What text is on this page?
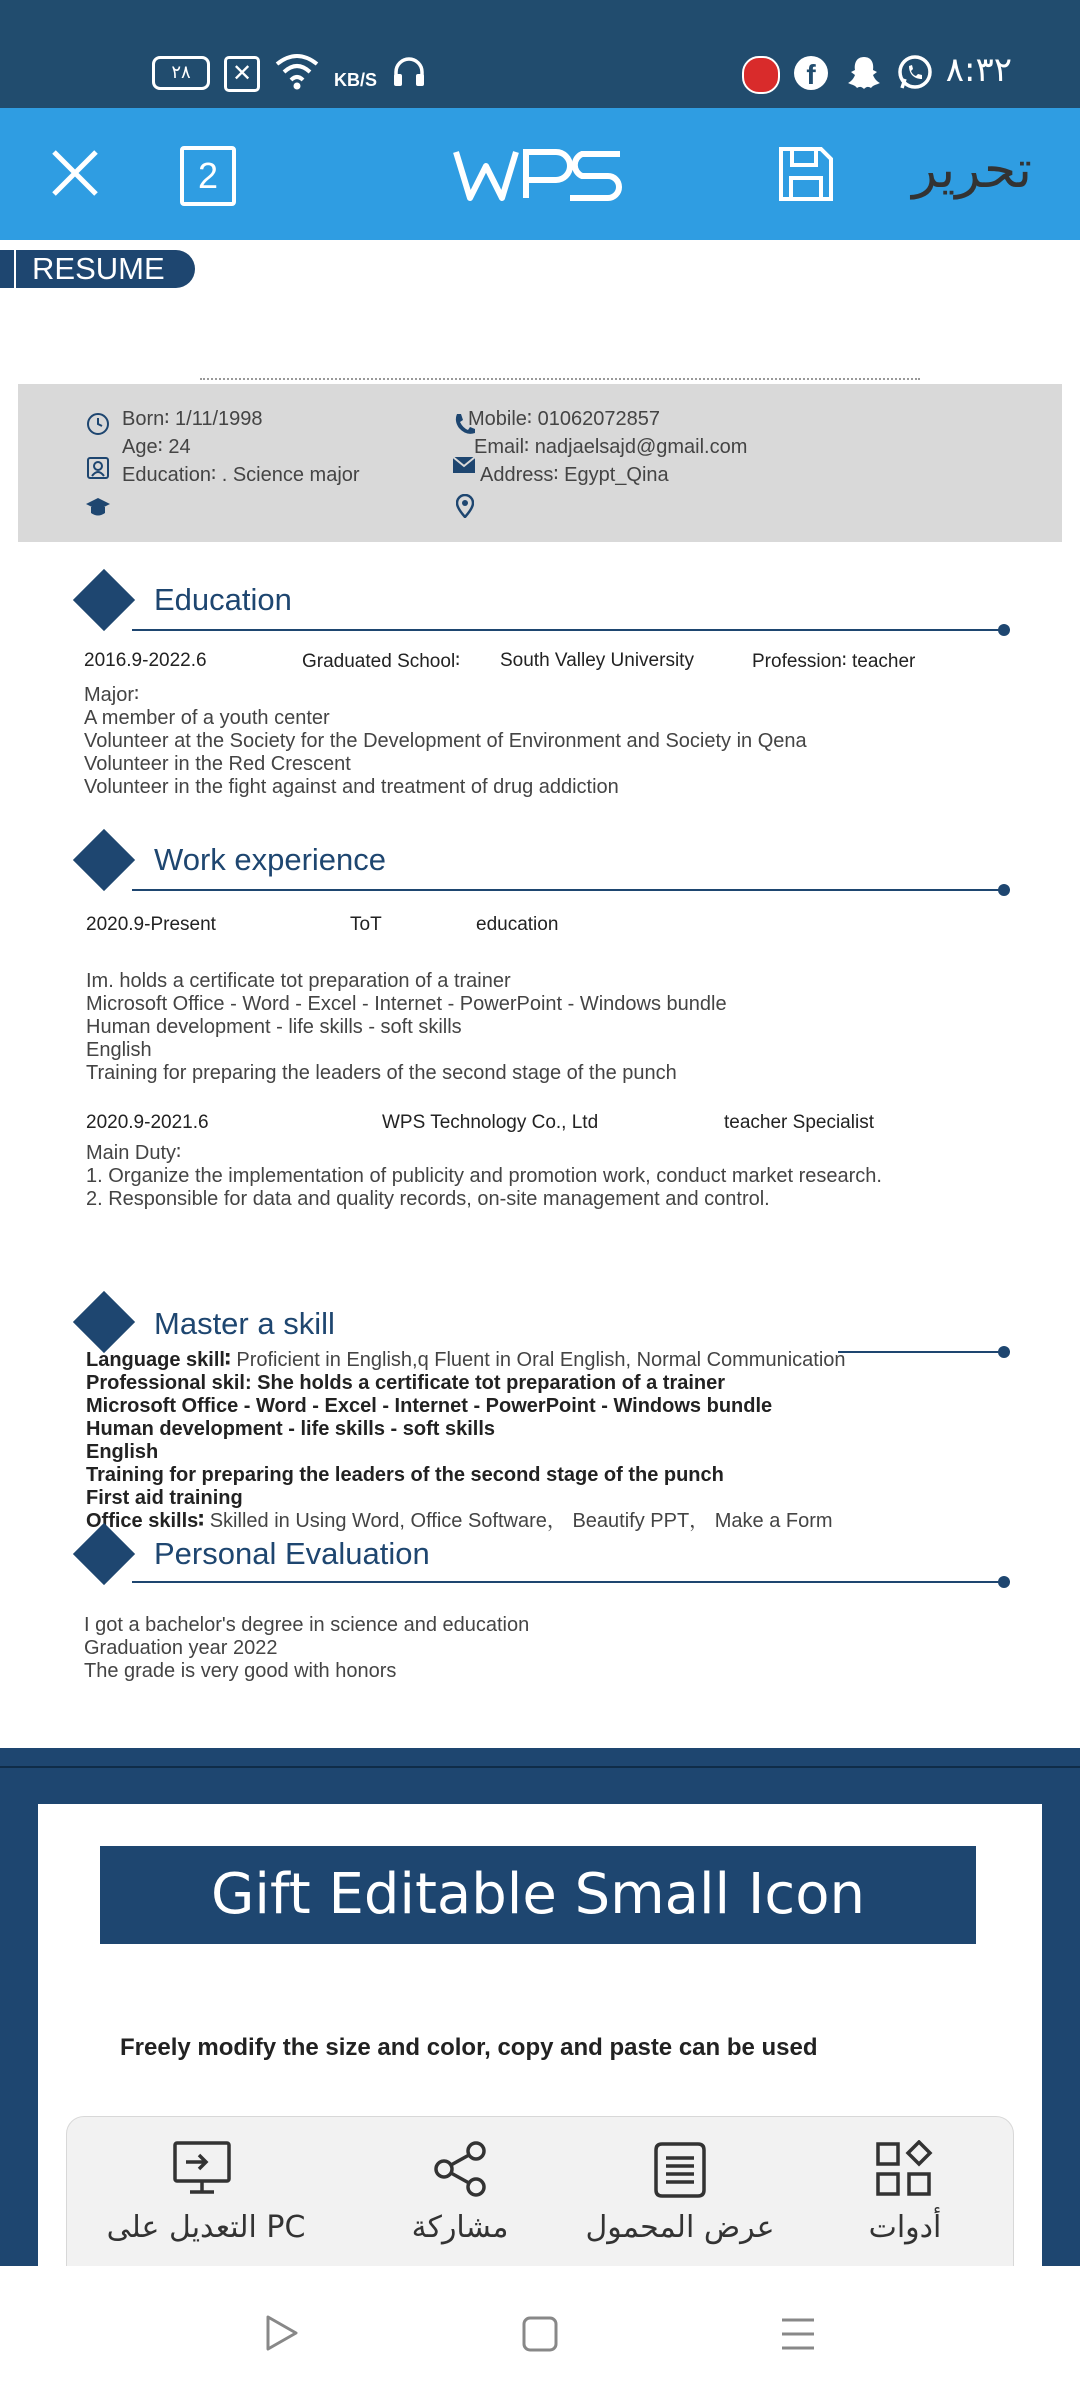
٢٨	✕	KB/S	f	٨:٣٢
2	تحرير
RESUME
Born∶ 1/11/1998
Age∶ 24
Education∶ . Science major
Mobile∶ 01062072857
Email∶ nadjaelsajd@gmail.com
Address∶ Egypt_Qina
Education
2016.9-2022.6	Graduated School∶ South Valley University	Profession∶ teacher
Major∶
A member of a youth center
Volunteer at the Society for the Development of Environment and Society in Qena
Volunteer in the Red Crescent
Volunteer in the fight against and treatment of drug addiction
Work experience
2020.9-Present	ToT	education
Im. holds a certificate tot preparation of a trainer
Microsoft Office - Word - Excel - Internet - PowerPoint - Windows bundle
Human development - life skills - soft skills
English
Training for preparing the leaders of the second stage of the punch
2020.9-2021.6	WPS Technology Co., Ltd	teacher Specialist
Main Duty∶
1. Organize the implementation of publicity and promotion work, conduct market research.
2. Responsible for data and quality records, on-site management and control.
Master a skill
Language skill∶ Proficient in English,q Fluent in Oral English, Normal Communication
Professional skil: She holds a certificate tot preparation of a trainer
Microsoft Office - Word - Excel - Internet - PowerPoint - Windows bundle
Human development - life skills - soft skills
English
Training for preparing the leaders of the second stage of the punch
First aid training
Office skills∶ Skilled in Using Word, Office Software， Beautify PPT， Make a Form
Personal Evaluation
I got a bachelor's degree in science and education
Graduation year 2022
The grade is very good with honors
Gift Editable Small Icon
Freely modify the size and color, copy and paste can be used
التعديل على PC	مشاركة	عرض المحمول	أدوات
